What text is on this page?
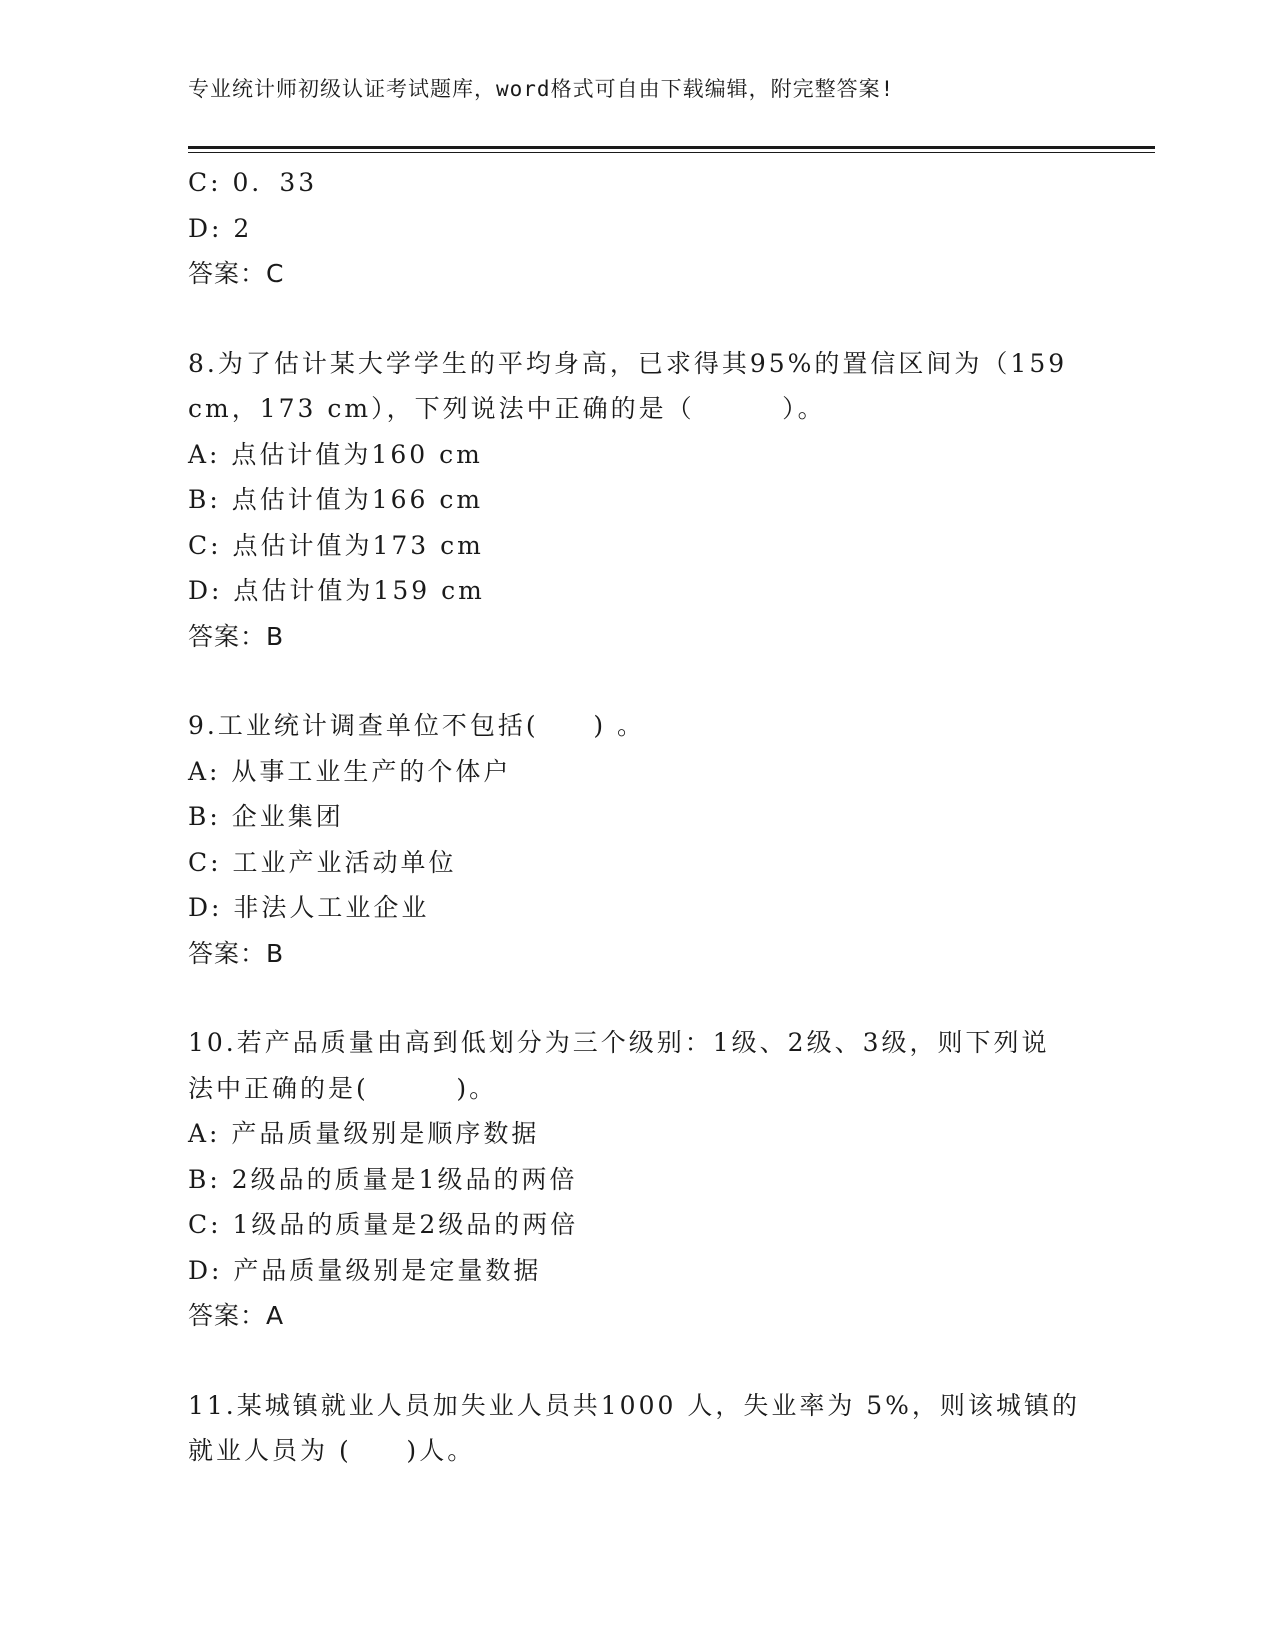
专业统计师初级认证考试题库，word格式可自由下载编辑，附完整答案!
C: 0．33
D: 2
答案：C
8.为了估计某大学学生的平均身高，已求得其95%的置信区间为（159
cm，173 cm），下列说法中正确的是（        ）。
A: 点估计值为160 cm
B: 点估计值为166 cm
C: 点估计值为173 cm
D: 点估计值为159 cm
答案：B
9.工业统计调查单位不包括(     ) 。
A: 从事工业生产的个体户
B: 企业集团
C: 工业产业活动单位
D: 非法人工业企业
答案：B
10.若产品质量由高到低划分为三个级别：1级、2级、3级，则下列说
法中正确的是(        )。
A: 产品质量级别是顺序数据
B: 2级品的质量是1级品的两倍
C: 1级品的质量是2级品的两倍
D: 产品质量级别是定量数据
答案：A
11.某城镇就业人员加失业人员共1000 人，失业率为 5%，则该城镇的
就业人员为 (     )人。
